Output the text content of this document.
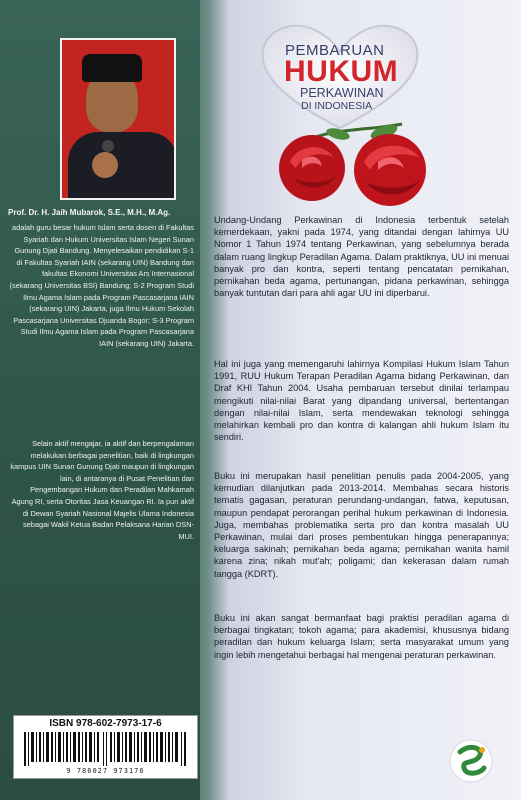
Prof. Dr. H. Jaih Mubarok, S.E., M.H., M.Ag.
adalah guru besar hukum Islam serta dosen di Fakultas Syariah dan Hukum Universitas Islam Negeri Sunan Gunung Djati Bandung. Menyelesaikan pendidikan S-1 di Fakultas Syariah IAIN (sekarang UIN) Bandung dan fakultas Ekonomi Universitas Ars Internasional (sekarang Universitas BSI) Bandung; S-2 Program Studi Ilmu Agama Islam pada Program Pascasarjana IAIN (sekarang UIN) Jakarta, juga Ilmu Hukum Sekolah Pascasarjana Universitas Djuanda Bogor; S-3 Program Studi Ilmu Agama Islam pada Program Pascasarjana IAIN (sekarang UIN) Jakarta.
Selain aktif mengajar, ia aktif dan berpengalaman melakukan berbagai penelitian, baik di lingkungan kampus UIN Sunan Gunung Djati maupun di lingkungan lain, di antaranya di Pusat Penelitian dan Pengembangan Hukum dan Peradilan Mahkamah Agung RI, serta Otoritas Jasa Keuangan RI. Ia pun aktif di Dewan Syariah Nasional Majelis Ulama Indonesia sebagai Wakil Ketua Badan Pelaksana Harian DSN-MUI.
ISBN 978-602-7973-17-6
9 786027 973176
PEMBARUAN
HUKUM
PERKAWINAN
DI INDONESIA

Undang-Undang Perkawinan di Indonesia terbentuk setelah kemerdekaan, yakni pada 1974, yang ditandai dengan lahirnya UU Nomor 1 Tahun 1974 tentang Perkawinan, yang sebelumnya berada dalam ruang lingkup Peradilan Agama. Dalam praktiknya, UU ini menuai banyak pro dan kontra, seperti tentang pencatatan pernikahan, pernikahan beda agama, pertunangan, pidana perkawinan, sehingga banyak tuntutan dari para ahli agar UU ini diperbarui.

Hal ini juga yang memengaruhi lahirnya Kompilasi Hukum Islam Tahun 1991, RUU Hukum Terapan Peradilan Agama bidang Perkawinan, dan Draf KHI Tahun 2004. Usaha pembaruan tersebut dinilai terlampau mengikuti nilai-nilai Barat yang dipandang universal, bertentangan dengan nilai-nilai Islam, serta mendewakan teknologi sehingga melahirkan kembali pro dan kontra di kalangan ahli hukum Islam itu sendiri.

Buku ini merupakan hasil penelitian penulis pada 2004-2005, yang kemudian dilanjutkan pada 2013-2014. Membahas secara historis tematis gagasan, peraturan perundang-undangan, fatwa, keputusan, maupun pendapat perorangan perihal hukum perkawinan di Indonesia. Juga, membahas problematika serta pro dan kontra masalah UU Perkawinan, mulai dari proses pembentukan hingga penerapannya; keluarga sakinah; pernikahan beda agama; pernikahan wanita hamil karena zina; nikah mut'ah; poligami; dan kekerasan dalam rumah tangga (KDRT).

Buku ini akan sangat bermanfaat bagi praktisi peradilan agama di berbagai tingkatan; tokoh agama; para akademisi, khususnya bidang peradilan dan hukum keluarga Islam; serta masyarakat umum yang ingin lebih mengetahui berbagai hal mengenai peraturan perkawinan.
